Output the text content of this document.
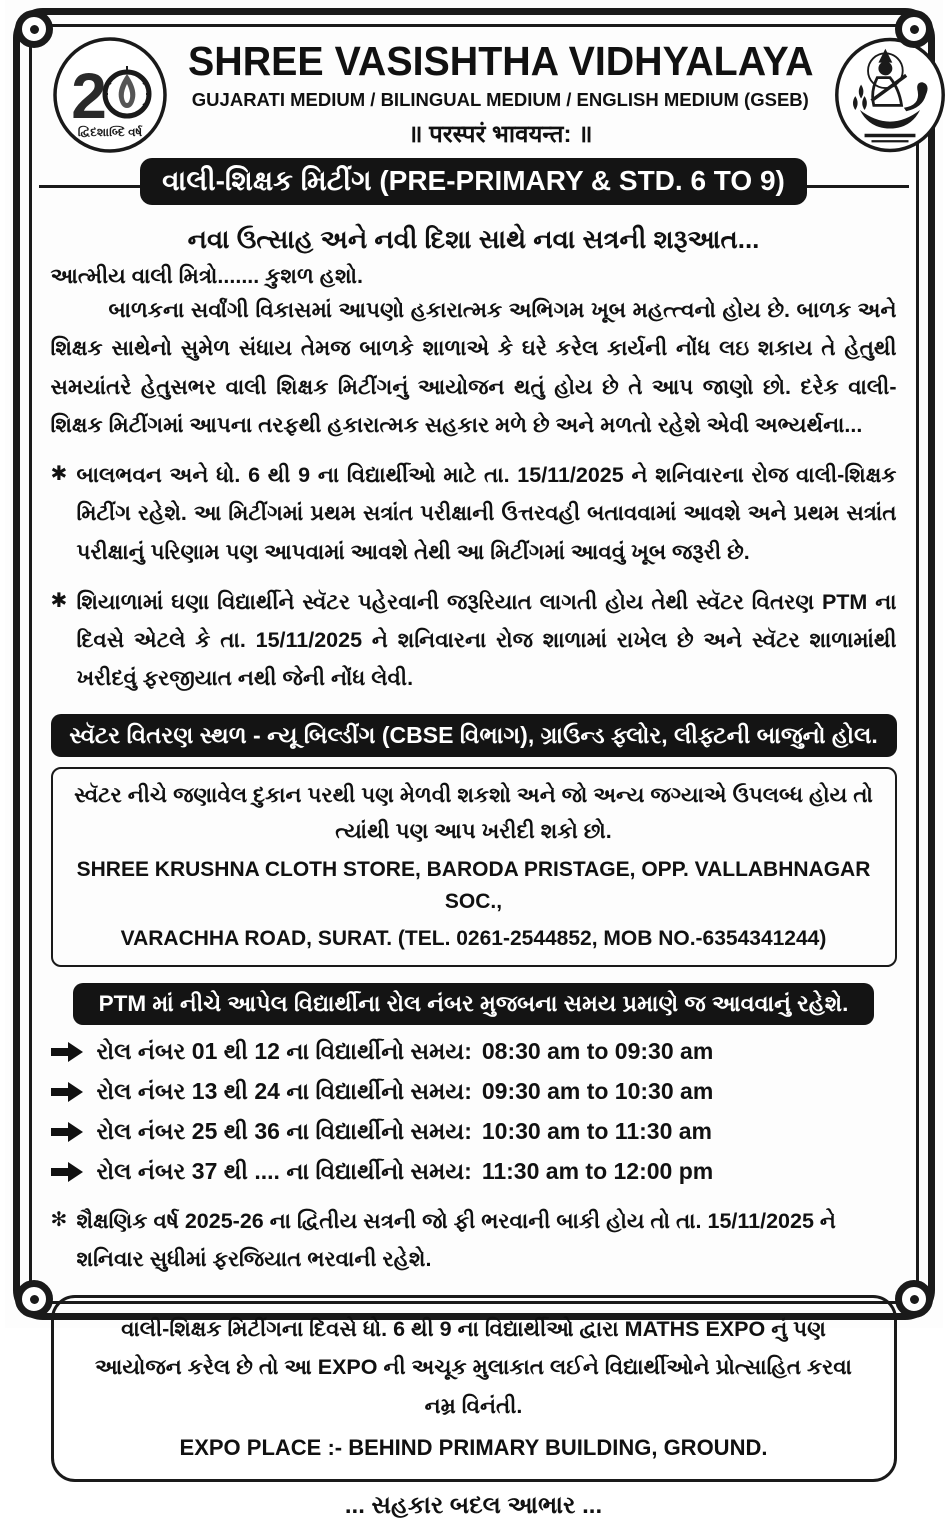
2
દ્વિદશાબ્દિ વર્ષ
SHREE VASISHTHA VIDHYALAYA
GUJARATI MEDIUM / BILINGUAL MEDIUM / ENGLISH MEDIUM (GSEB)
॥ परस्परं भावयन्त: ॥
વાલી-શિક્ષક મિટીંગ (PRE-PRIMARY & STD. 6 TO 9)
નવા ઉત્સાહ અને નવી દિશા સાથે નવા સત્રની શરૂઆત...
આત્મીય વાલી મિત્રો....... કુશળ હશો.
બાળકના સર્વાંગી વિકાસમાં આપણો હકારાત્મક અભિગમ ખૂબ મહત્ત્વનો હોય છે. બાળક અને શિક્ષક સાથેનો સુમેળ સંધાય તેમજ બાળકે શાળાએ કે ઘરે કરેલ કાર્યની નોંધ લઇ શકાય તે હેતુથી સમયાંતરે હેતુસભર વાલી શિક્ષક મિટીંગનું આયોજન થતું હોય છે તે આપ જાણો છો. દરેક વાલી-શિક્ષક મિટીંગમાં આપના તરફથી હકારાત્મક સહકાર મળે છે અને મળતો રહેશે એવી અભ્યર્થના...
✱ બાલભવન અને ધો. 6 થી 9 ના વિદ્યાર્થીઓ માટે તા. 15/11/2025 ને શનિવારના રોજ વાલી-શિક્ષક મિટીંગ રહેશે. આ મિટીંગમાં પ્રથમ સત્રાંત પરીક્ષાની ઉત્તરવહી બતાવવામાં આવશે અને પ્રથમ સત્રાંત પરીક્ષાનું પરિણામ પણ આપવામાં આવશે તેથી આ મિટીંગમાં આવવું ખૂબ જરૂરી છે.
✱ શિયાળામાં ઘણા વિદ્યાર્થીને સ્વૅટર પહેરવાની જરૂરિયાત લાગતી હોય તેથી સ્વૅટર વિતરણ PTM ના દિવસે એટલે કે તા. 15/11/2025 ને શનિવારના રોજ શાળામાં રાખેલ છે અને સ્વૅટર શાળામાંથી ખરીદવું ફરજીયાત નથી જેની નોંધ લેવી.
સ્વૅટર વિતરણ સ્થળ - ન્યૂ બિલ્ડીંગ (CBSE વિભાગ), ગ્રાઉન્ડ ફ્લોર, લીફ્ટની બાજુનો હોલ.
સ્વૅટર નીચે જણાવેલ દુકાન પરથી પણ મેળવી શકશો અને જો અન્ય જગ્યાએ ઉપલબ્ધ હોય તો ત્યાંથી પણ આપ ખરીદી શકો છો.
SHREE KRUSHNA CLOTH STORE, BARODA PRISTAGE, OPP. VALLABHNAGAR SOC.,
VARACHHA ROAD, SURAT. (TEL. 0261-2544852, MOB NO.-6354341244)
PTM માં નીચે આપેલ વિદ્યાર્થીના રોલ નંબર મુજબના સમય પ્રમાણે જ આવવાનું રહેશે.
રોલ નંબર 01 થી 12 ના વિદ્યાર્થીનો સમય: 08:30 am to 09:30 am
રોલ નંબર 13 થી 24 ના વિદ્યાર્થીનો સમય: 09:30 am to 10:30 am
રોલ નંબર 25 થી 36 ના વિદ્યાર્થીનો સમય: 10:30 am to 11:30 am
રોલ નંબર 37 થી .... ના વિદ્યાર્થીનો સમય: 11:30 am to 12:00 pm
✻ શૈક્ષણિક વર્ષ 2025-26 ના દ્વિતીય સત્રની જો ફી ભરવાની બાકી હોય તો તા. 15/11/2025 ને શનિવાર સુધીમાં ફરજિયાત ભરવાની રહેશે.
વાલી-શિક્ષક મિટીંગના દિવસે ધો. 6 થી 9 ના વિદ્યાર્થીઓ દ્વારા MATHS EXPO નું પણ આયોજન કરેલ છે તો આ EXPO ની અચૂક મુલાકાત લઈને વિદ્યાર્થીઓને પ્રોત્સાહિત કરવા નમ્ર વિનંતી.
EXPO PLACE :- BEHIND PRIMARY BUILDING, GROUND.
... સહકાર બદલ આભાર ...
